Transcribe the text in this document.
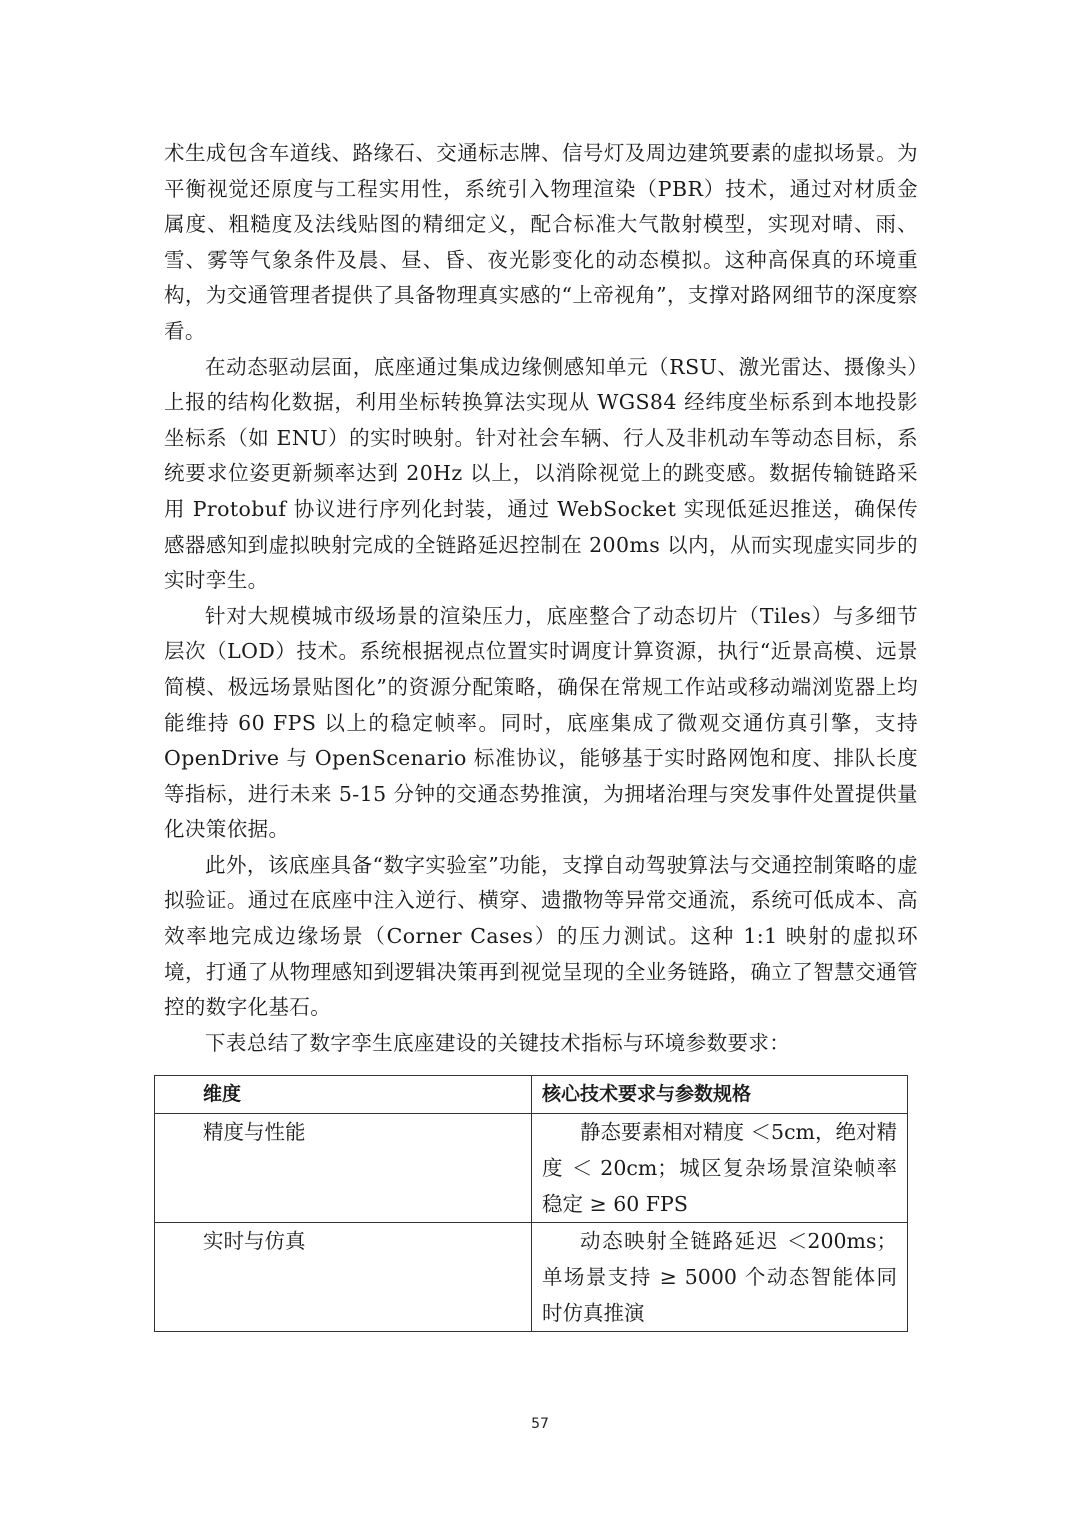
术生成包含车道线、路缘石、交通标志牌、信号灯及周边建筑要素的虚拟场景。为平衡视觉还原度与工程实用性，系统引入物理渲染（PBR）技术，通过对材质金属度、粗糙度及法线贴图的精细定义，配合标准大气散射模型，实现对晴、雨、雪、雾等气象条件及晨、昼、昏、夜光影变化的动态模拟。这种高保真的环境重构，为交通管理者提供了具备物理真实感的“上帝视角”，支撑对路网细节的深度察看。

在动态驱动层面，底座通过集成边缘侧感知单元（RSU、激光雷达、摄像头）上报的结构化数据，利用坐标转换算法实现从 WGS84 经纬度坐标系到本地投影坐标系（如 ENU）的实时映射。针对社会车辆、行人及非机动车等动态目标，系统要求位姿更新频率达到 20Hz 以上，以消除视觉上的跳变感。数据传输链路采用 Protobuf 协议进行序列化封装，通过 WebSocket 实现低延迟推送，确保传感器感知到虚拟映射完成的全链路延迟控制在 200ms 以内，从而实现虚实同步的实时孪生。

针对大规模城市级场景的渲染压力，底座整合了动态切片（Tiles）与多细节层次（LOD）技术。系统根据视点位置实时调度计算资源，执行“近景高模、远景简模、极远场景贴图化”的资源分配策略，确保在常规工作站或移动端浏览器上均能维持 60 FPS 以上的稳定帧率。同时，底座集成了微观交通仿真引擎，支持 OpenDrive 与 OpenScenario 标准协议，能够基于实时路网饱和度、排队长度等指标，进行未来 5-15 分钟的交通态势推演，为拥堵治理与突发事件处置提供量化决策依据。

此外，该底座具备“数字实验室”功能，支撑自动驾驶算法与交通控制策略的虚拟验证。通过在底座中注入逆行、横穿、遗撒物等异常交通流，系统可低成本、高效率地完成边缘场景（Corner Cases）的压力测试。这种 1:1 映射的虚拟环境，打通了从物理感知到逻辑决策再到视觉呈现的全业务链路，确立了智慧交通管控的数字化基石。

下表总结了数字孪生底座建设的关键技术指标与环境参数要求：

维度	核心技术要求与参数规格

精度与性能	静态要素相对精度 ＜5cm，绝对精度 ＜ 20cm；城区复杂场景渲染帧率稳定 ≥ 60 FPS

实时与仿真	动态映射全链路延迟 ＜200ms；单场景支持 ≥ 5000 个动态智能体同时仿真推演
57
